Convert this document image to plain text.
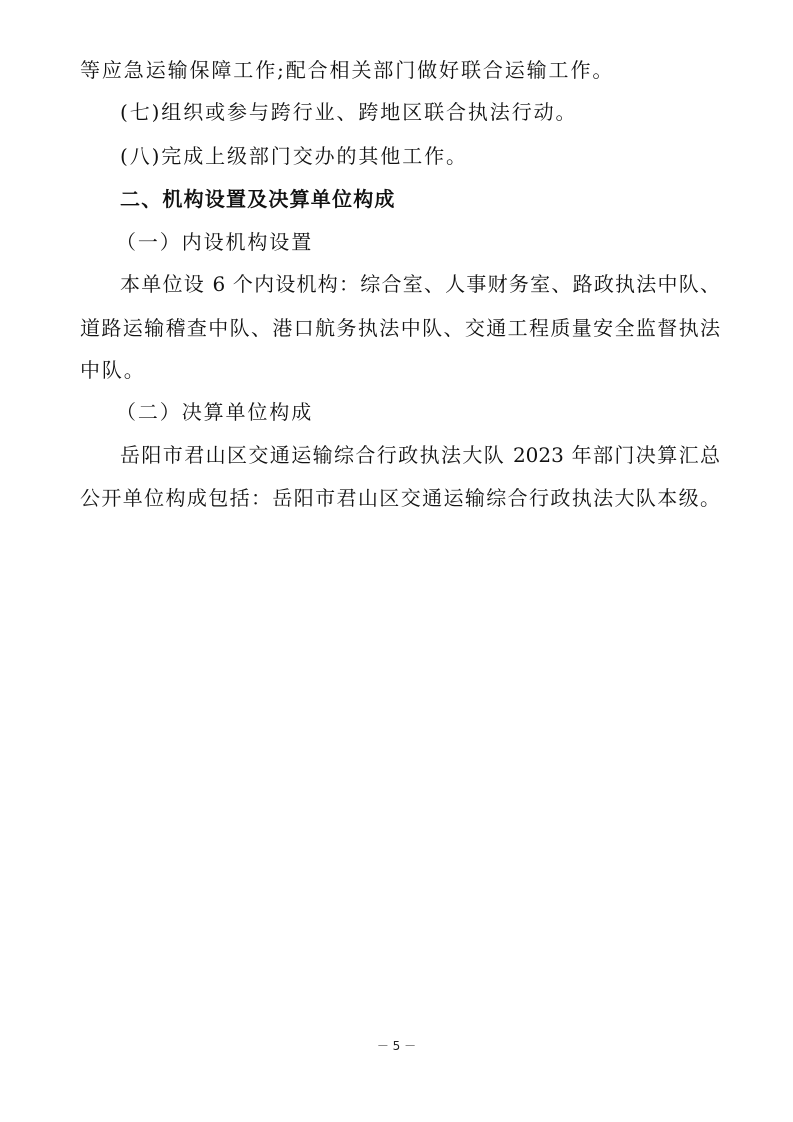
等应急运输保障工作;配合相关部门做好联合运输工作。
(七)组织或参与跨行业、跨地区联合执法行动。
(八)完成上级部门交办的其他工作。
二、机构设置及决算单位构成
（一）内设机构设置
本单位设 6 个内设机构：综合室、人事财务室、路政执法中队、
道路运输稽查中队、港口航务执法中队、交通工程质量安全监督执法
中队。
（二）决算单位构成
岳阳市君山区交通运输综合行政执法大队 2023 年部门决算汇总
公开单位构成包括：岳阳市君山区交通运输综合行政执法大队本级。
－ 5 －
